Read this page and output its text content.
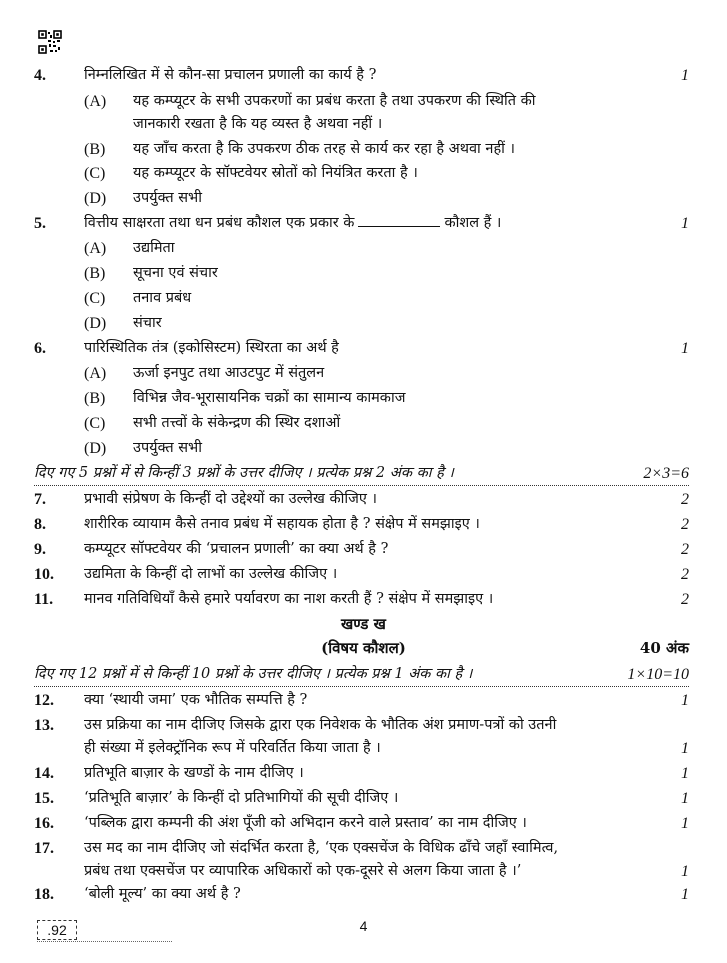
4.	निम्नलिखित में से कौन-सा प्रचालन प्रणाली का कार्य है ?	1
(A) यह कम्प्यूटर के सभी उपकरणों का प्रबंध करता है तथा उपकरण की स्थिति की
जानकारी रखता है कि यह व्यस्त है अथवा नहीं ।
(B) यह जाँच करता है कि उपकरण ठीक तरह से कार्य कर रहा है अथवा नहीं ।
(C) यह कम्प्यूटर के सॉफ्टवेयर स्रोतों को नियंत्रित करता है ।
(D) उपर्युक्त सभी
5.	वित्तीय साक्षरता तथा धन प्रबंध कौशल एक प्रकार के	कौशल हैं ।	1
(A) उद्यमिता
(B) सूचना एवं संचार
(C) तनाव प्रबंध
(D) संचार
6.	पारिस्थितिक तंत्र (इकोसिस्टम) स्थिरता का अर्थ है	1
(A) ऊर्जा इनपुट तथा आउटपुट में संतुलन
(B) विभिन्न जैव-भूरासायनिक चक्रों का सामान्य कामकाज
(C) सभी तत्त्वों के संकेन्द्रण की स्थिर दशाओं
(D) उपर्युक्त सभी
दिए गए 5 प्रश्नों में से किन्हीं 3 प्रश्नों के उत्तर दीजिए । प्रत्येक प्रश्न 2 अंक का है ।	2×3=6
7.	प्रभावी संप्रेषण के किन्हीं दो उद्देश्यों का उल्लेख कीजिए ।	2
8.	शारीरिक व्यायाम कैसे तनाव प्रबंध में सहायक होता है ? संक्षेप में समझाइए ।	2
9.	कम्प्यूटर सॉफ्टवेयर की ‘प्रचालन प्रणाली’ का क्या अर्थ है ?	2
10. उद्यमिता के किन्हीं दो लाभों का उल्लेख कीजिए ।	2
11. मानव गतिविधियाँ कैसे हमारे पर्यावरण का नाश करती हैं ? संक्षेप में समझाइए ।	2
खण्ड ख
(विषय कौशल)	40 अंक
दिए गए 12 प्रश्नों में से किन्हीं 10 प्रश्नों के उत्तर दीजिए । प्रत्येक प्रश्न 1 अंक का है ।	1×10=10
12. क्या ‘स्थायी जमा’ एक भौतिक सम्पत्ति है ?	1
13. उस प्रक्रिया का नाम दीजिए जिसके द्वारा एक निवेशक के भौतिक अंश प्रमाण-पत्रों को उतनी
ही संख्या में इलेक्ट्रॉनिक रूप में परिवर्तित किया जाता है ।	1
14. प्रतिभूति बाज़ार के खण्डों के नाम दीजिए ।	1
15. ‘प्रतिभूति बाज़ार’ के किन्हीं दो प्रतिभागियों की सूची दीजिए ।	1
16. ‘पब्लिक द्वारा कम्पनी की अंश पूँजी को अभिदान करने वाले प्रस्ताव’ का नाम दीजिए ।	1
17. उस मद का नाम दीजिए जो संदर्भित करता है, ‘एक एक्सचेंज के विधिक ढाँचे जहाँ स्वामित्व,
प्रबंध तथा एक्सचेंज पर व्यापारिक अधिकारों को एक-दूसरे से अलग किया जाता है ।’	1
18. ‘बोली मूल्य’ का क्या अर्थ है ?	1
.92	4
